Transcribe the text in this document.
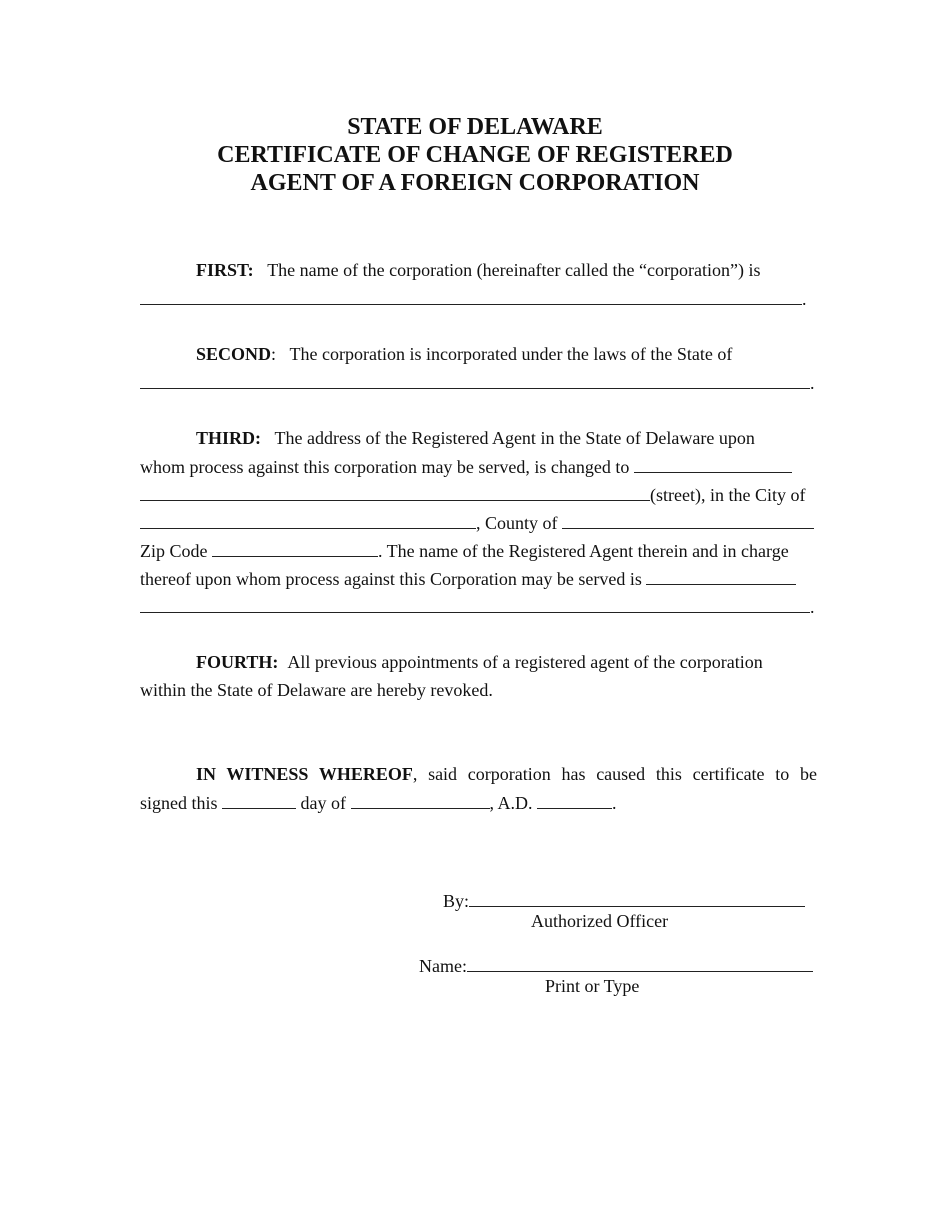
STATE OF DELAWARE
CERTIFICATE OF CHANGE OF REGISTERED
AGENT OF A FOREIGN CORPORATION
FIRST: The name of the corporation (hereinafter called the “corporation”) is
.
SECOND: The corporation is incorporated under the laws of the State of
.
THIRD: The address of the Registered Agent in the State of Delaware upon
whom process against this corporation may be served, is changed to
(street), in the City of
, County of
Zip Code	. The name of the Registered Agent therein and in charge
thereof upon whom process against this Corporation may be served is
.
FOURTH: All previous appointments of a registered agent of the corporation
within the State of Delaware are hereby revoked.
IN WITNESS WHEREOF, said corporation has caused this certificate to be
signed this	day of	, A.D.	.
By:
Authorized Officer
Name:
Print or Type
